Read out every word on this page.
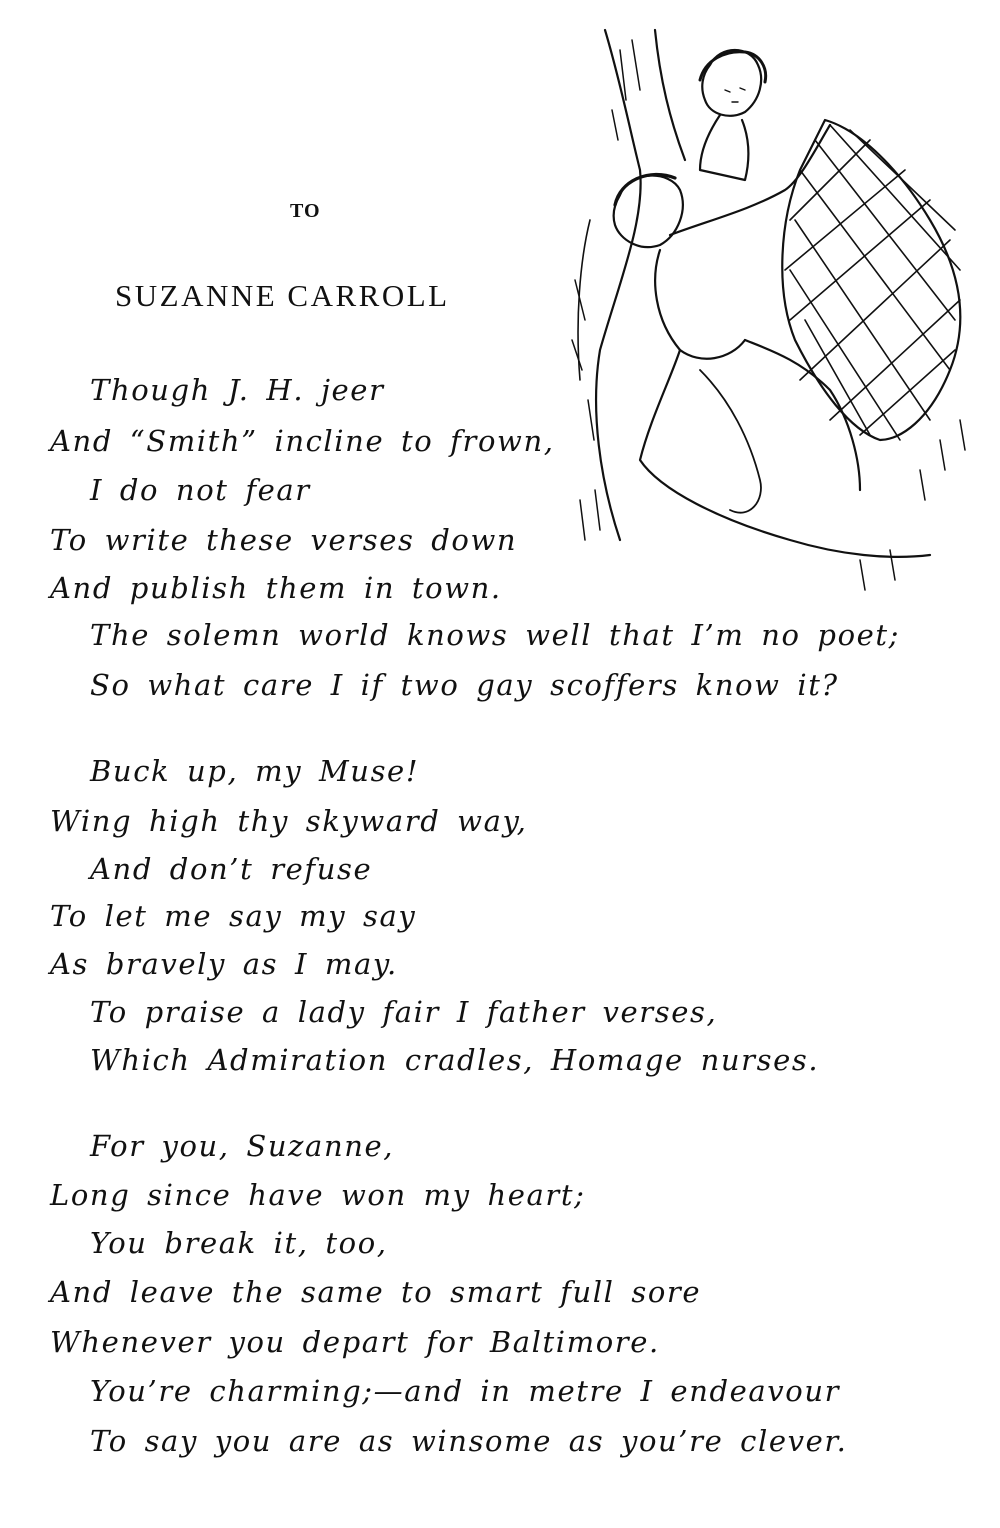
TO

SUZANNE CARROLL

Though J. H. jeer

And “Smith” incline to frown,

I do not fear

To write these verses down

And publish them in town.

The solemn world knows well that I’m no poet;

So what care I if two gay scoffers know it?

Buck up, my Muse!

Wing high thy skyward way,

And don’t refuse

To let me say my say

As bravely as I may.

To praise a lady fair I father verses,

Which Admiration cradles, Homage nurses.

For you, Suzanne,

Long since have won my heart;

You break it, too,

And leave the same to smart full sore

Whenever you depart for Baltimore.

You’re charming;—and in metre I endeavour

To say you are as winsome as you’re clever.
